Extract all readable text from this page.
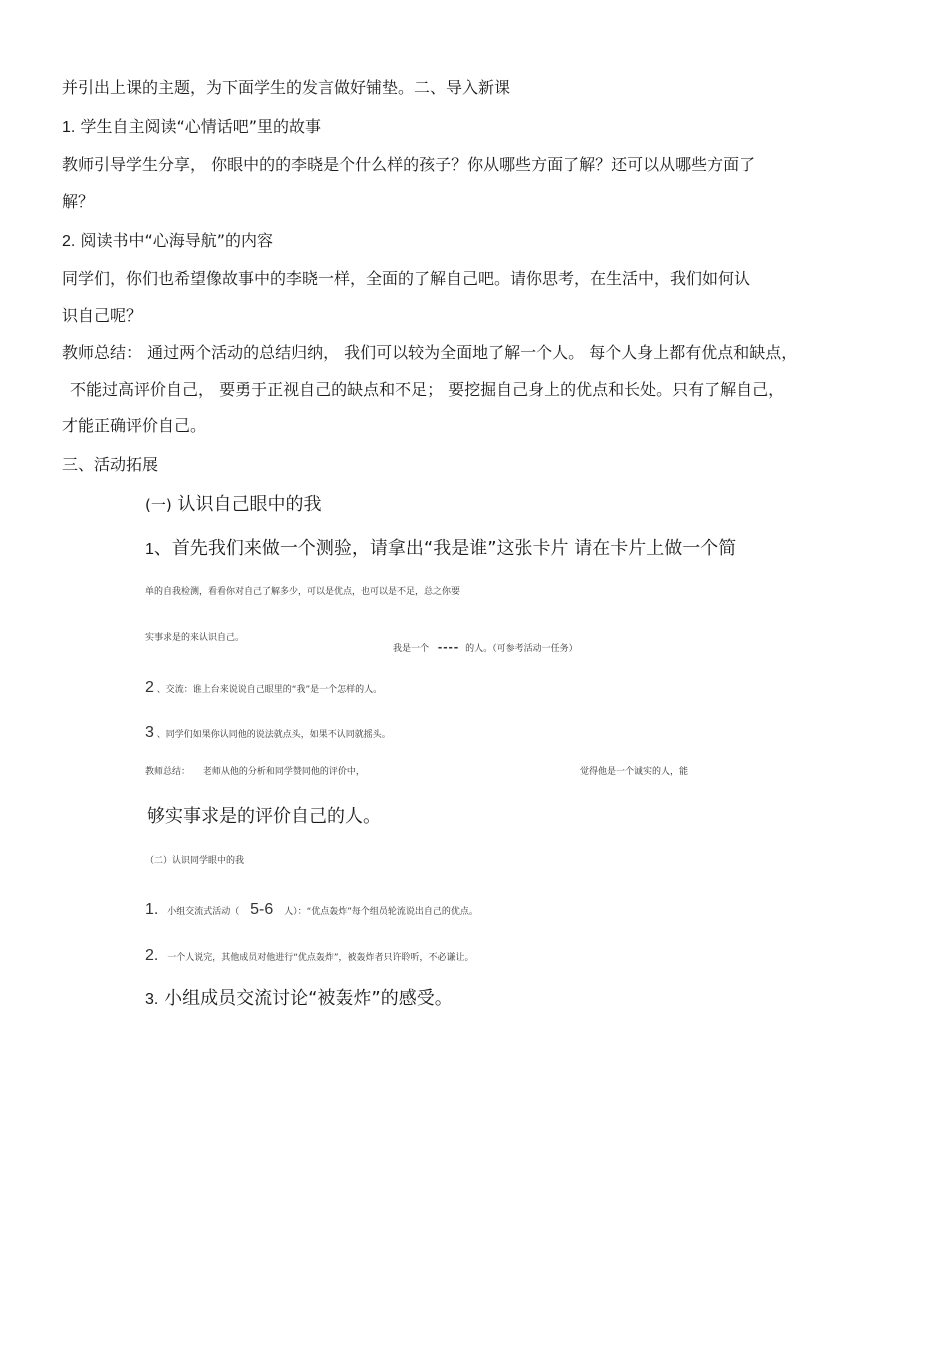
并引出上课的主题，为下面学生的发言做好铺垫。二、导入新课
1. 学生自主阅读“心情话吧”里的故事
教师引导学生分享， 你眼中的的李晓是个什么样的孩子？你从哪些方面了解？还可以从哪些方面了
解？
2. 阅读书中“心海导航”的内容
同学们，你们也希望像故事中的李晓一样，全面的了解自己吧。请你思考，在生活中，我们如何认
识自己呢？
教师总结： 通过两个活动的总结归纳， 我们可以较为全面地了解一个人。 每个人身上都有优点和缺点，
不能过高评价自己， 要勇于正视自己的缺点和不足； 要挖掘自己身上的优点和长处。只有了解自己，
才能正确评价自己。
三、活动拓展
(一) 认识自己眼中的我
1、首先我们来做一个测验，请拿出“我是谁”这张卡片 请在卡片上做一个简
单的自我检测，看看你对自己了解多少，可以是优点，也可以是不足，总之你要
实事求是的来认识自己。
我是一个 ---- 的人。（可参考活动一任务）
2 、交流：谁上台来说说自己眼里的“我”是一个怎样的人。
3 、同学们如果你认同他的说法就点头，如果不认同就摇头。
教师总结： 老师从他的分析和同学赞同他的评价中，	觉得他是一个诚实的人，能
够实事求是的评价自己的人。
（二）认识同学眼中的我
1. 小组交流式活动（ 5-6 人）：“优点轰炸”每个组员轮流说出自己的优点。
2. 一个人说完，其他成员对他进行“优点轰炸”，被轰炸者只许聆听，不必谦让。
3. 小组成员交流讨论“被轰炸”的感受。
